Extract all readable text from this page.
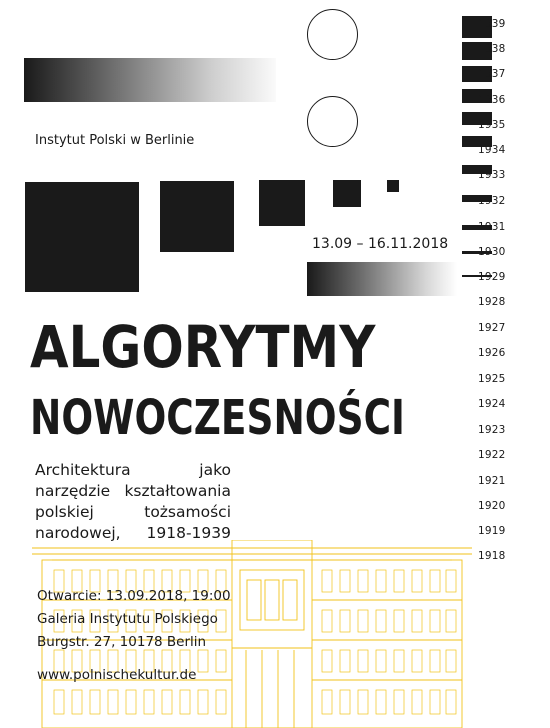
Instytut Polski w Berlinie
13.09 – 16.11.2018
1939
1938
1937
1936
1935
1934
1933
1932
1931
1930
1929
1928
1927
1926
1925
1924
1923
1922
1921
1920
1919
1918
ALGORYTMY
NOWOCZESNOŚCI
Architektura jako
narzędzie kształtowania
polskiej tożsamości
narodowej, 1918-1939
Otwarcie: 13.09.2018, 19:00
Galeria Instytutu Polskiego
Burgstr. 27, 10178 Berlin
www.polnischekultur.de
